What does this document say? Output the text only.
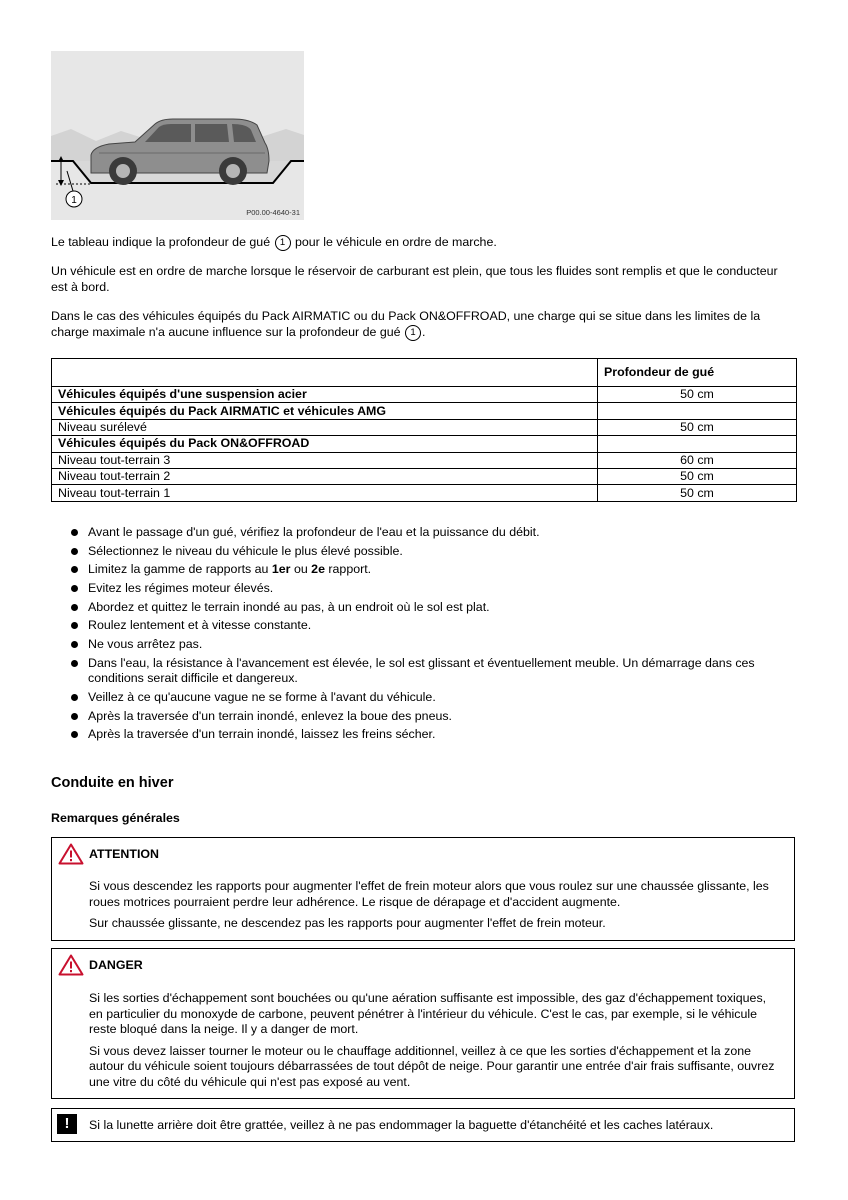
1
P00.00-4640-31

Le tableau indique la profondeur de gué 1 pour le véhicule en ordre de marche.

Un véhicule est en ordre de marche lorsque le réservoir de carburant est plein, que tous les fluides sont remplis et que le conducteur est à bord.

Dans le cas des véhicules équipés du Pack AIRMATIC ou du Pack ON&OFFROAD, une charge qui se situe dans les limites de la charge maximale n'a aucune influence sur la profondeur de gué 1 .

	Profondeur de gué
Véhicules équipés d'une suspension acier	50 cm
Véhicules équipés du Pack AIRMATIC et véhicules AMG	
Niveau surélevé	50 cm
Véhicules équipés du Pack ON&OFFROAD	
Niveau tout-terrain 3	60 cm
Niveau tout-terrain 2	50 cm
Niveau tout-terrain 1	50 cm
Avant le passage d'un gué, vérifiez la profondeur de l'eau et la puissance du débit.
Sélectionnez le niveau du véhicule le plus élevé possible.
Limitez la gamme de rapports au 1er ou 2e rapport.
Evitez les régimes moteur élevés.
Abordez et quittez le terrain inondé au pas, à un endroit où le sol est plat.
Roulez lentement et à vitesse constante.
Ne vous arrêtez pas.
Dans l'eau, la résistance à l'avancement est élevée, le sol est glissant et éventuellement meuble. Un démarrage dans ces conditions serait difficile et dangereux.
Veillez à ce qu'aucune vague ne se forme à l'avant du véhicule.
Après la traversée d'un terrain inondé, enlevez la boue des pneus.
Après la traversée d'un terrain inondé, laissez les freins sécher.
Conduite en hiver
Remarques générales
ATTENTION

Si vous descendez les rapports pour augmenter l'effet de frein moteur alors que vous roulez sur une chaussée glissante, les roues motrices pourraient perdre leur adhérence. Le risque de dérapage et d'accident augmente.

Sur chaussée glissante, ne descendez pas les rapports pour augmenter l'effet de frein moteur.

DANGER

Si les sorties d'échappement sont bouchées ou qu'une aération suffisante est impossible, des gaz d'échappement toxiques, en particulier du monoxyde de carbone, peuvent pénétrer à l'intérieur du véhicule. C'est le cas, par exemple, si le véhicule reste bloqué dans la neige. Il y a danger de mort.

Si vous devez laisser tourner le moteur ou le chauffage additionnel, veillez à ce que les sorties d'échappement et la zone autour du véhicule soient toujours débarrassées de tout dépôt de neige. Pour garantir une entrée d'air frais suffisante, ouvrez une vitre du côté du véhicule qui n'est pas exposé au vent.

!	Si la lunette arrière doit être grattée, veillez à ne pas endommager la baguette d'étanchéité et les caches latéraux.
